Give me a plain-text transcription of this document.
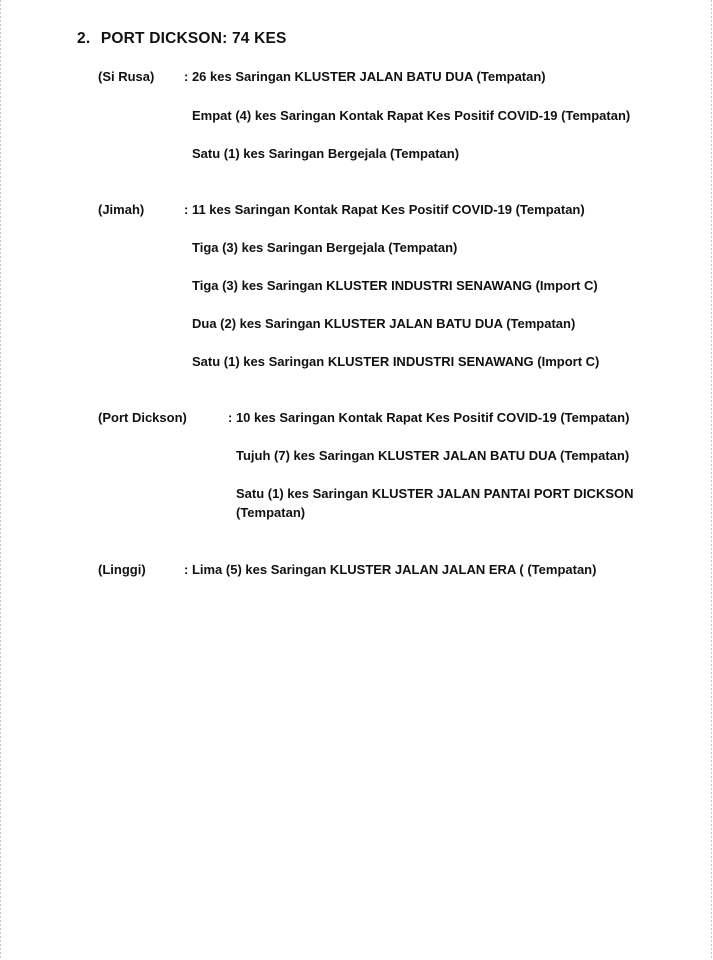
2. PORT DICKSON: 74 KES
(Si Rusa) : 26 kes Saringan KLUSTER JALAN BATU DUA (Tempatan)
Empat (4) kes Saringan Kontak Rapat Kes Positif COVID-19 (Tempatan)
Satu (1) kes Saringan Bergejala (Tempatan)
(Jimah)	: 11 kes Saringan Kontak Rapat Kes Positif COVID-19 (Tempatan)
Tiga (3) kes Saringan Bergejala (Tempatan)
Tiga (3) kes Saringan KLUSTER INDUSTRI SENAWANG (Import C)
Dua (2) kes Saringan KLUSTER JALAN BATU DUA (Tempatan)
Satu (1) kes Saringan KLUSTER INDUSTRI SENAWANG (Import C)
(Port Dickson)	: 10 kes Saringan Kontak Rapat Kes Positif COVID-19 (Tempatan)
Tujuh (7) kes Saringan KLUSTER JALAN BATU DUA (Tempatan)
Satu (1) kes Saringan KLUSTER JALAN PANTAI PORT DICKSON (Tempatan)
(Linggi)	: Lima (5) kes Saringan KLUSTER JALAN JALAN ERA ( (Tempatan)
